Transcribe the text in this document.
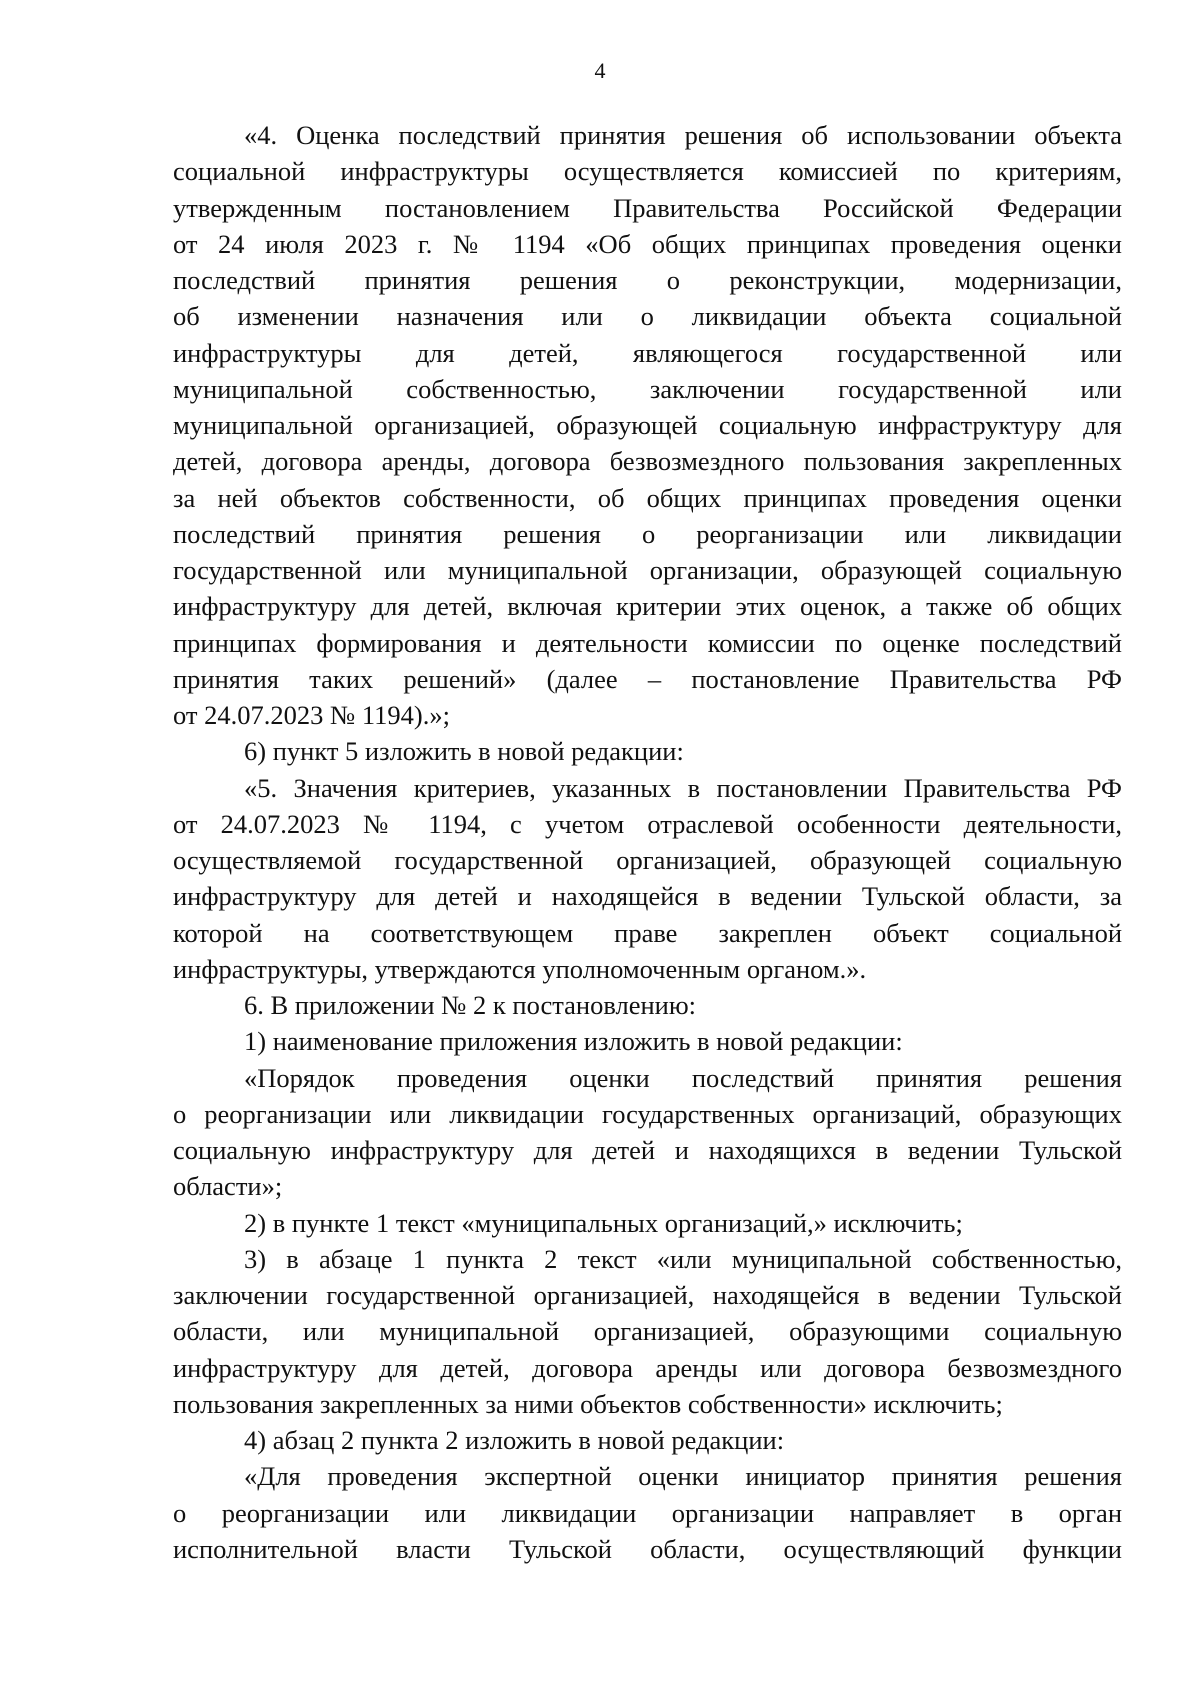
4

«4. Оценка последствий принятия решения об использовании объекта
социальной инфраструктуры осуществляется комиссией по критериям,
утвержденным постановлением Правительства Российской Федерации
от 24 июля 2023 г. № 1194 «Об общих принципах проведения оценки
последствий принятия решения о реконструкции, модернизации,
об изменении назначения или о ликвидации объекта социальной
инфраструктуры для детей, являющегося государственной или
муниципальной собственностью, заключении государственной или
муниципальной организацией, образующей социальную инфраструктуру для
детей, договора аренды, договора безвозмездного пользования закрепленных
за ней объектов собственности, об общих принципах проведения оценки
последствий принятия решения о реорганизации или ликвидации
государственной или муниципальной организации, образующей социальную
инфраструктуру для детей, включая критерии этих оценок, а также об общих
принципах формирования и деятельности комиссии по оценке последствий
принятия таких решений» (далее – постановление Правительства РФ
от 24.07.2023 № 1194).»;

6) пункт 5 изложить в новой редакции:

«5. Значения критериев, указанных в постановлении Правительства РФ
от 24.07.2023 № 1194, с учетом отраслевой особенности деятельности,
осуществляемой государственной организацией, образующей социальную
инфраструктуру для детей и находящейся в ведении Тульской области, за
которой на соответствующем праве закреплен объект социальной
инфраструктуры, утверждаются уполномоченным органом.».

6. В приложении № 2 к постановлению:

1) наименование приложения изложить в новой редакции:

«Порядок проведения оценки последствий принятия решения
о реорганизации или ликвидации государственных организаций, образующих
социальную инфраструктуру для детей и находящихся в ведении Тульской
области»;

2) в пункте 1 текст «муниципальных организаций,» исключить;

3) в абзаце 1 пункта 2 текст «или муниципальной собственностью,
заключении государственной организацией, находящейся в ведении Тульской
области, или муниципальной организацией, образующими социальную
инфраструктуру для детей, договора аренды или договора безвозмездного
пользования закрепленных за ними объектов собственности» исключить;

4) абзац 2 пункта 2 изложить в новой редакции:

«Для проведения экспертной оценки инициатор принятия решения
о реорганизации или ликвидации организации направляет в орган
исполнительной власти Тульской области, осуществляющий функции
